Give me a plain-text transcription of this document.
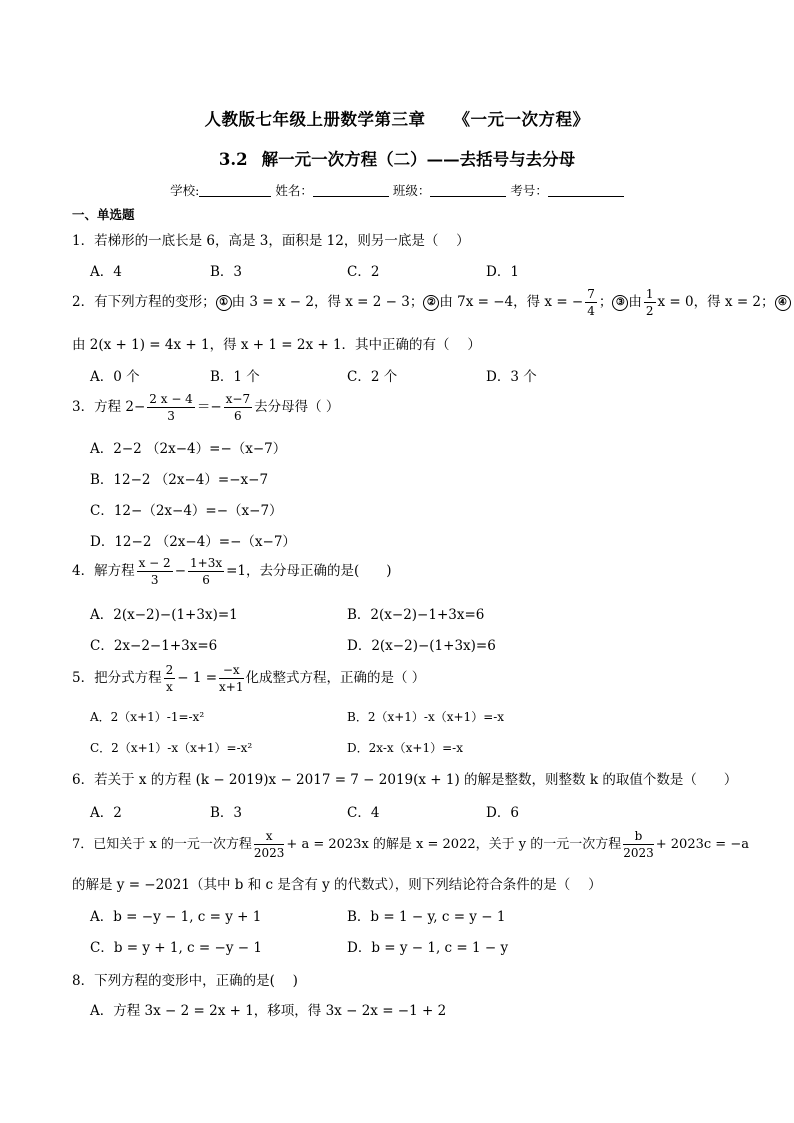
人教版七年级上册数学第三章 《一元一次方程》
3.2 解一元一次方程（二）——去括号与去分母
学校:	姓名：	班级：	考号：
一、单选题
1．若梯形的一底长是 6，高是 3，面积是 12，则另一底是（　 ）
A．4	B．3	C．2	D．1
2．有下列方程的变形； ① 由 3 = x − 2，得 x = 2 − 3； ② 由 7x = −4，得 x = − $\frac{7}{4}$ ； ③ 由 $\frac{1}{2}$ x = 0，得 x = 2； ④
由 2(x + 1) = 4x + 1，得 x + 1 = 2x + 1．其中正确的有（　 ）
A．0 个	B．1 个	C．2 个	D．3 个
3．方程 $2- \frac{2 x - 4}{3} =- \frac{x-7}{6}$ 去分母得（ ）
A．2−2 （2x−4）=−（x−7）
B．12−2 （2x−4）=−x−7
C．12−（2x−4）=−（x−7）
D．12−2 （2x−4）=−（x−7）
4．解方程 $\frac{x - 2}{3} - \frac{1+3x}{6} =1$，去分母正确的是(　　)
A．2(x−2)−(1+3x)=1	B．2(x−2)−1+3x=6
C．2x−2−1+3x=6	D．2(x−2)−(1+3x)=6
5．把分式方程 $\frac{2}{x} - 1 = \frac{-x}{x+1}$ 化成整式方程，正确的是（ ）
A．2（x+1）-1=-x²	B．2（x+1）-x（x+1）=-x
C．2（x+1）-x（x+1）=-x²	D．2x-x（x+1）=-x
6．若关于 x 的方程 (k − 2019)x − 2017 = 7 − 2019(x + 1) 的解是整数，则整数 k 的取值个数是（　　）
A．2	B．3	C．4	D．6
7．已知关于 x 的一元一次方程 $\frac{x}{2023} + a = 2023x$ 的解是 x = 2022，关于 y 的一元一次方程 $\frac{b}{2023} + 2023c = -a$
的解是 y = −2021（其中 b 和 c 是含有 y 的代数式），则下列结论符合条件的是（　 ）
A．b = −y − 1, c = y + 1	B．b = 1 − y, c = y − 1
C．b = y + 1, c = −y − 1	D．b = y − 1, c = 1 − y
8．下列方程的变形中，正确的是(　 )
A．方程 3x − 2 = 2x + 1，移项，得 3x − 2x = −1 + 2
